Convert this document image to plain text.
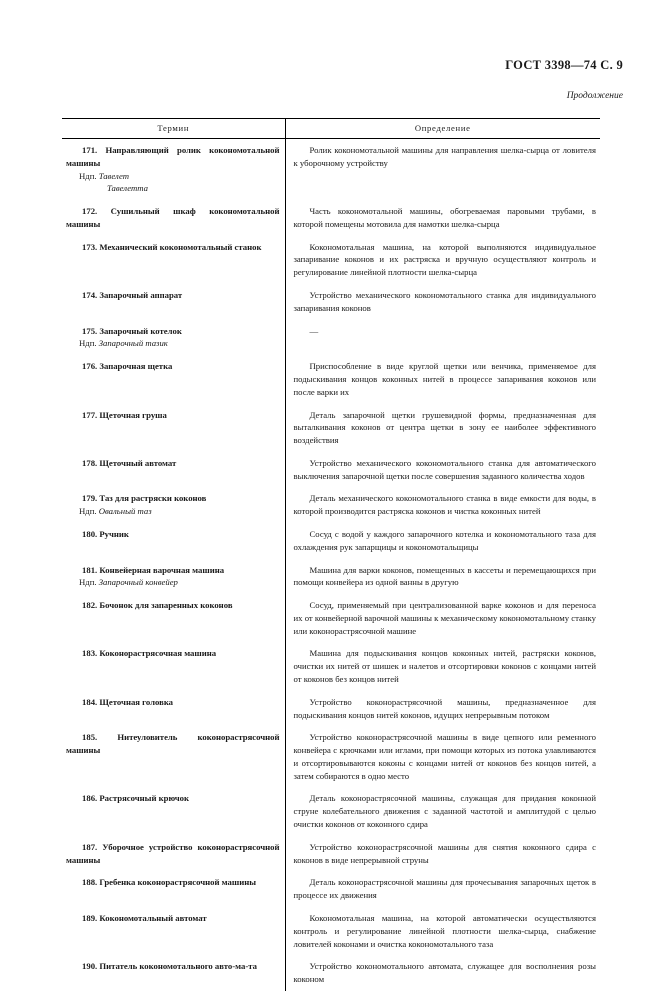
ГОСТ 3398—74 С. 9
Продолжение
Термин	Определение

171. Направляющий ролик кокономотальной машины
Ндп. Тавелет
Тавелетта	Ролик кокономотальной машины для направления шелка-сырца от ловителя к уборочному устройству

172. Сушильный шкаф кокономотальной машины	Часть кокономотальной машины, обогреваемая паровыми трубами, в которой помещены мотовила для намотки шелка-сырца

173. Механический кокономотальный станок	Кокономотальная машина, на которой выполняются индивидуальное запаривание коконов и их растряска и вручную осуществляют контроль и регулирование линейной плотности шелка-сырца

174. Запарочный аппарат	Устройство механического кокономотального станка для индивидуального запаривания коконов

175. Запарочный котелок
Ндп. Запарочный тазик	—

176. Запарочная щетка	Приспособление в виде круглой щетки или венчика, применяемое для подыскивания концов коконных нитей в процессе запаривания коконов или после варки их

177. Щеточная груша	Деталь запарочной щетки грушевидной формы, предназначенная для выталкивания коконов от центра щетки в зону ее наиболее эффективного воздействия

178. Щеточный автомат	Устройство механического кокономотального станка для автоматического выключения запарочной щетки после совершения заданного количества ходов

179. Таз для растряски коконов
Ндп. Овальный таз	Деталь механического кокономотального станка в виде емкости для воды, в которой производится растряска коконов и чистка коконных нитей

180. Ручник	Сосуд с водой у каждого запарочного котелка и кокономотального таза для охлаждения рук запарщицы и кокономотальщицы

181. Конвейерная варочная машина
Ндп. Запарочный конвейер	Машина для варки коконов, помещенных в кассеты и перемещающихся при помощи конвейера из одной ванны в другую

182. Бочонок для запаренных коконов	Сосуд, применяемый при централизованной варке коконов и для переноса их от конвейерной варочной машины к механическому кокономотальному станку или коконорастрясочной машине

183. Коконорастрясочная машина	Машина для подыскивания концов коконных нитей, растряски коконов, очистки их нитей от шишек и налетов и отсортировки коконов с концами нитей от коконов без концов нитей

184. Щеточная головка	Устройство коконорастрясочной машины, предназначенное для подыскивания концов нитей коконов, идущих непрерывным потоком

185. Нитеуловитель коконорастрясочной машины	Устройство коконорастрясочной машины в виде цепного или ременного конвейера с крючками или иглами, при помощи которых из потока улавливаются и отсортировываются коконы с концами нитей от коконов без концов нитей, а затем собираются в одно место

186. Растрясочный крючок	Деталь коконорастрясочной машины, служащая для придания коконной струне колебательного движения с заданной частотой и амплитудой с целью очистки коконов от коконного сдира

187. Уборочное устройство коконорастрясочной машины	Устройство коконорастрясочной машины для снятия коконного сдира с коконов в виде непрерывной струны

188. Гребенка коконорастрясочной машины	Деталь коконорастрясочной машины для прочесывания запарочных щеток в процессе их движения

189. Кокономотальный автомат	Кокономотальная машина, на которой автоматически осуществляются контроль и регулирование линейной плотности шелка-сырца, снабжение ловителей коконами и очистка кокономотального таза

190. Питатель кокономотального авто-ма-та	Устройство кокономотального автомата, служащее для восполнения розы коконом
